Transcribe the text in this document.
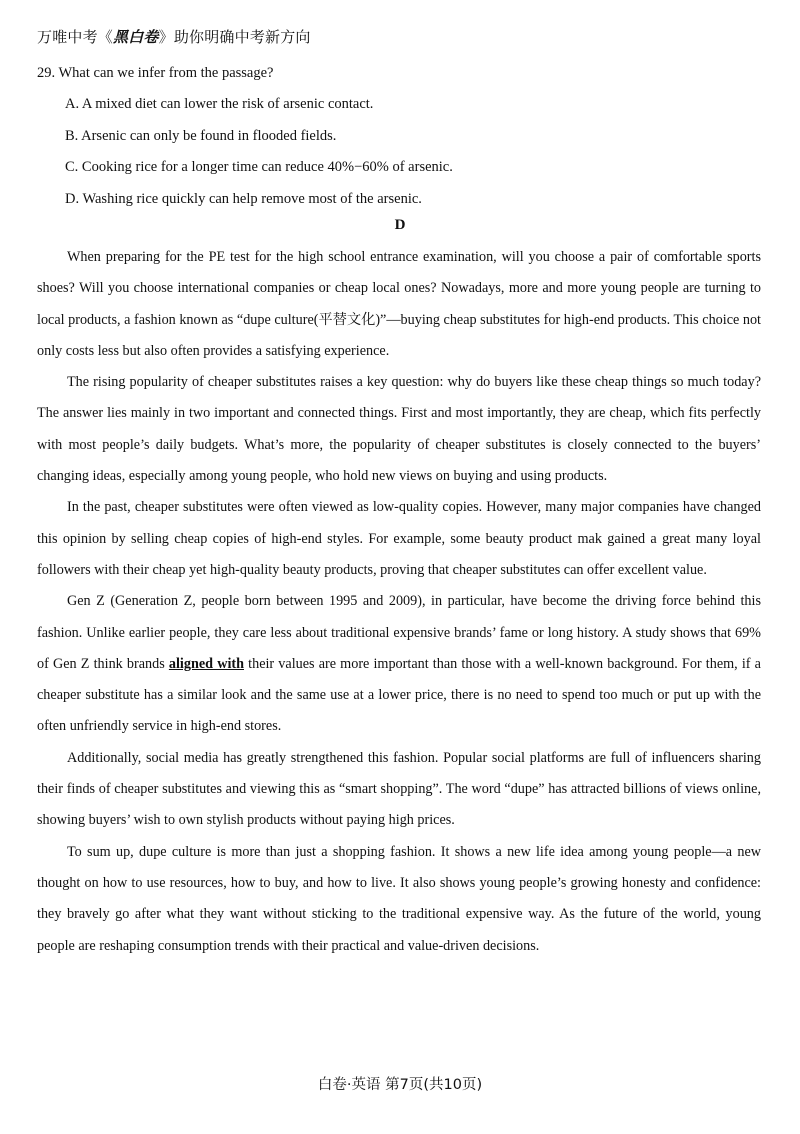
万唯中考《黑白卷》助你明确中考新方向

29. What can we infer from the passage?

A. A mixed diet can lower the risk of arsenic contact.

B. Arsenic can only be found in flooded fields.

C. Cooking rice for a longer time can reduce 40%−60% of arsenic.

D. Washing rice quickly can help remove most of the arsenic.

D

When preparing for the PE test for the high school entrance examination, will you choose a pair of comfortable sports shoes? Will you choose international companies or cheap local ones? Nowadays, more and more young people are turning to local products, a fashion known as “dupe culture(平替文化)”—buying cheap substitutes for high-end products. This choice not only costs less but also often provides a satisfying experience.

The rising popularity of cheaper substitutes raises a key question: why do buyers like these cheap things so much today? The answer lies mainly in two important and connected things. First and most importantly, they are cheap, which fits perfectly with most people’s daily budgets. What’s more, the popularity of cheaper substitutes is closely connected to the buyers’ changing ideas, especially among young people, who hold new views on buying and using products.

In the past, cheaper substitutes were often viewed as low-quality copies. However, many major companies have changed this opinion by selling cheap copies of high-end styles. For example, some beauty product mak gained a great many loyal followers with their cheap yet high-quality beauty products, proving that cheaper substitutes can offer excellent value.

Gen Z (Generation Z, people born between 1995 and 2009), in particular, have become the driving force behind this fashion. Unlike earlier people, they care less about traditional expensive brands’ fame or long history. A study shows that 69% of Gen Z think brands aligned with their values are more important than those with a well-known background. For them, if a cheaper substitute has a similar look and the same use at a lower price, there is no need to spend too much or put up with the often unfriendly service in high-end stores.

Additionally, social media has greatly strengthened this fashion. Popular social platforms are full of influencers sharing their finds of cheaper substitutes and viewing this as “smart shopping”. The word “dupe” has attracted billions of views online, showing buyers’ wish to own stylish products without paying high prices.

To sum up, dupe culture is more than just a shopping fashion. It shows a new life idea among young people—a new thought on how to use resources, how to buy, and how to live. It also shows young people’s growing honesty and confidence: they bravely go after what they want without sticking to the traditional expensive way. As the future of the world, young people are reshaping consumption trends with their practical and value-driven decisions.

白卷·英语 第7页(共10页)
